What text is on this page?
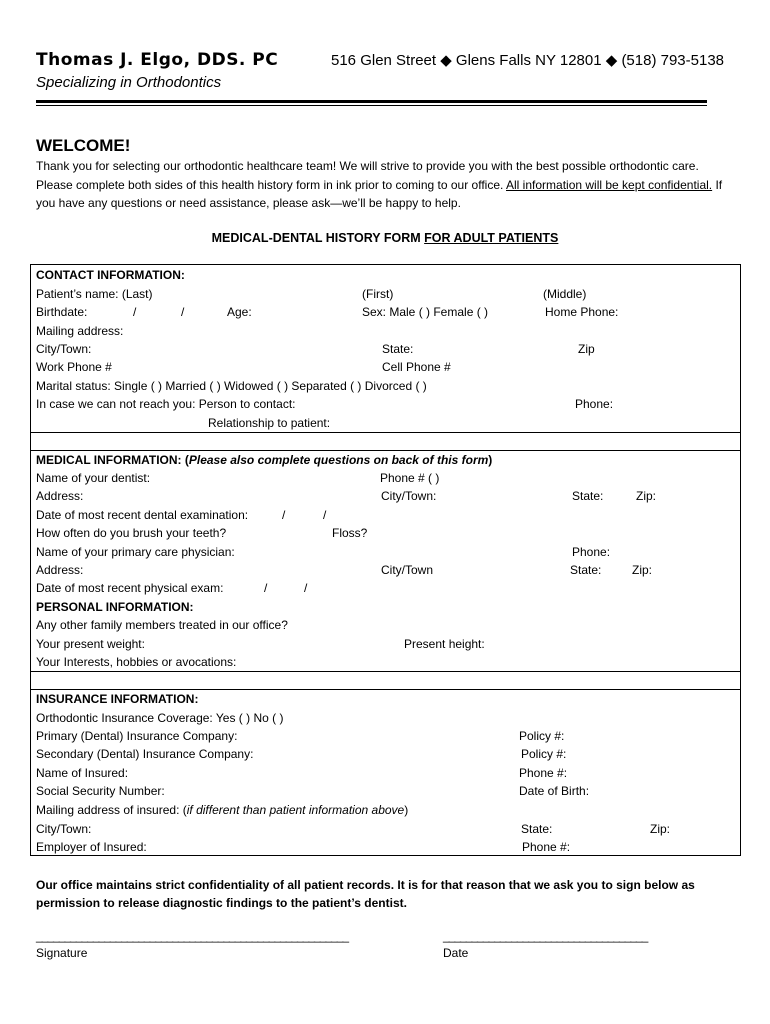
Thomas J. Elgo, DDS. PC	516 Glen Street ◆ Glens Falls NY 12801 ◆ (518) 793-5138
Specializing in Orthodontics
WELCOME!
Thank you for selecting our orthodontic healthcare team! We will strive to provide you with the best possible orthodontic care. Please complete both sides of this health history form in ink prior to coming to our office. All information will be kept confidential. If you have any questions or need assistance, please ask—we’ll be happy to help.
MEDICAL-DENTAL HISTORY FORM FOR ADULT PATIENTS
CONTACT INFORMATION:
Patient’s name: (Last)	(First)	(Middle)
Birthdate:	/	/	Age:	Sex: Male ( ) Female ( )	Home Phone:
Mailing address:
City/Town:	State:	Zip
Work Phone #	Cell Phone #
Marital status: Single ( ) Married ( ) Widowed ( ) Separated ( ) Divorced ( )
In case we can not reach you: Person to contact:	Phone:
Relationship to patient:
MEDICAL INFORMATION: (Please also complete questions on back of this form)
Name of your dentist:	Phone # ( )
Address:	City/Town:	State:	Zip:
Date of most recent dental examination:	/	/
How often do you brush your teeth?	Floss?
Name of your primary care physician:	Phone:
Address:	City/Town	State:	Zip:
Date of most recent physical exam:	/	/
PERSONAL INFORMATION:
Any other family members treated in our office?
Your present weight:	Present height:
Your Interests, hobbies or avocations:
INSURANCE INFORMATION:
Orthodontic Insurance Coverage: Yes ( ) No ( )
Primary (Dental) Insurance Company:	Policy #:
Secondary (Dental) Insurance Company:	Policy #:
Name of Insured:	Phone #:
Social Security Number:	Date of Birth:
Mailing address of insured: (if different than patient information above)
City/Town:	State:	Zip:
Employer of Insured:	Phone #:
Our office maintains strict confidentiality of all patient records. It is for that reason that we ask you to sign below as permission to release diagnostic findings to the patient’s dentist.
_______________________________________________________
Signature
____________________________________
Date
